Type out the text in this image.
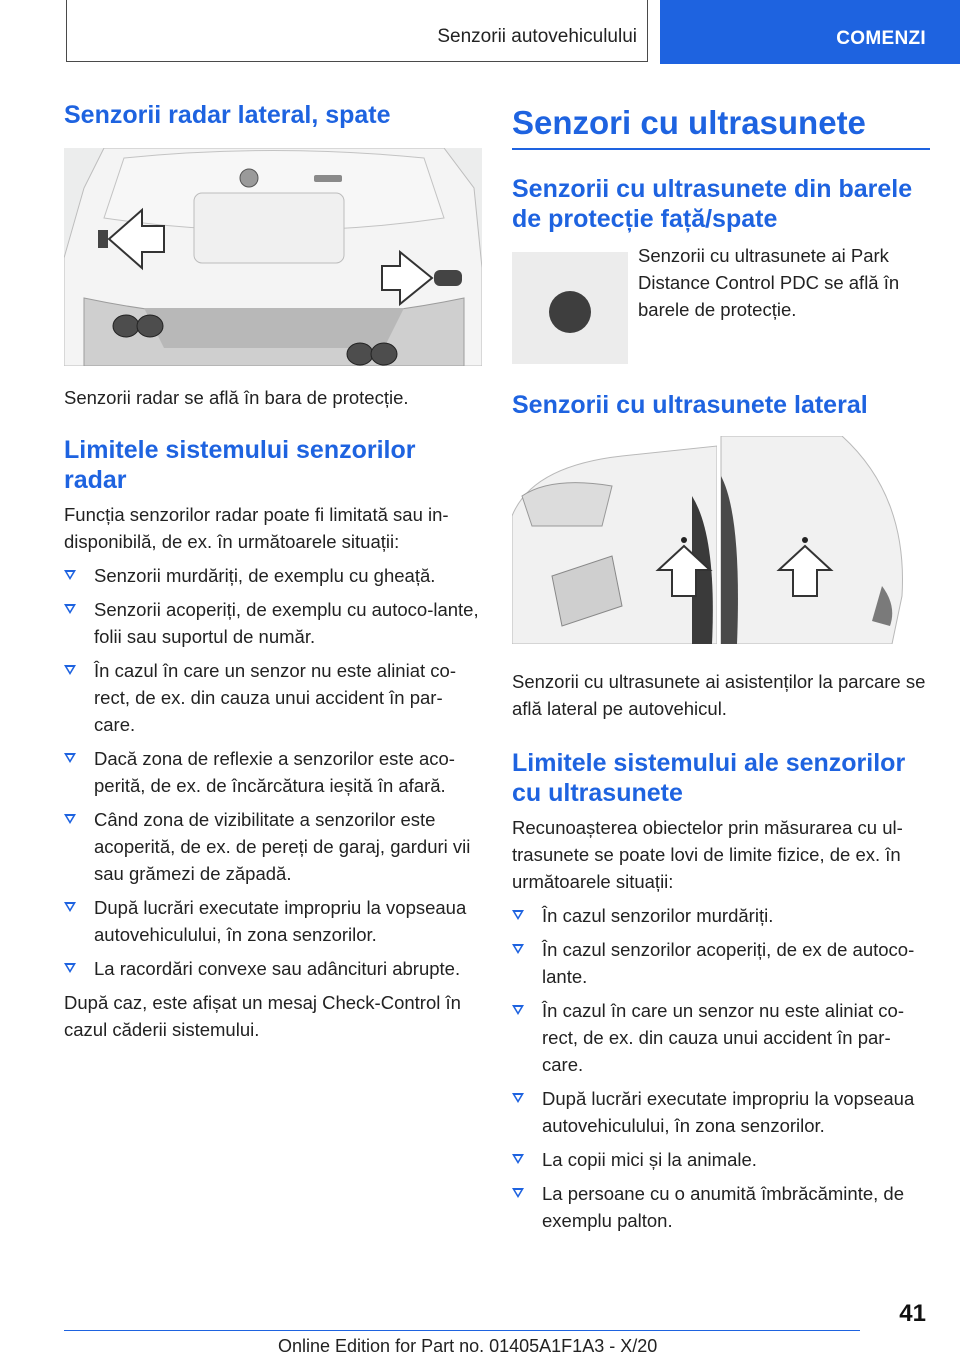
Senzorii autovehiculului	COMENZI
Senzorii radar lateral, spate

Senzorii radar se află în bara de protecție.

Limitele sistemului senzorilor radar

Funcția senzorilor radar poate fi limitată sau in-disponibilă, de ex. în următoarele situații:

Senzorii murdăriți, de exemplu cu gheață.
Senzorii acoperiți, de exemplu cu autoco-lante, folii sau suportul de număr.
În cazul în care un senzor nu este aliniat co-rect, de ex. din cauza unui accident în par-care.
Dacă zona de reflexie a senzorilor este aco-perită, de ex. de încărcătura ieșită în afară.
Când zona de vizibilitate a senzorilor este acoperită, de ex. de pereți de garaj, garduri vii sau grămezi de zăpadă.
După lucrări executate impropriu la vopseaua autovehiculului, în zona senzorilor.
La racordări convexe sau adâncituri abrupte.

După caz, este afișat un mesaj Check-Control în cazul căderii sistemului.

Senzori cu ultrasunete
Senzorii cu ultrasunete din barele de protecție față/spate

Senzorii cu ultrasunete ai Park Distance Control PDC se află în barele de protecție.

Senzorii cu ultrasunete lateral

Senzorii cu ultrasunete ai asistenților la parcare se află lateral pe autovehicul.

Limitele sistemului ale senzorilor cu ultrasunete

Recunoașterea obiectelor prin măsurarea cu ul-trasunete se poate lovi de limite fizice, de ex. în următoarele situații:

În cazul senzorilor murdăriți.
În cazul senzorilor acoperiți, de ex de autoco-lante.
În cazul în care un senzor nu este aliniat co-rect, de ex. din cauza unui accident în par-care.
După lucrări executate impropriu la vopseaua autovehiculului, în zona senzorilor.
La copii mici și la animale.
La persoane cu o anumită îmbrăcăminte, de exemplu palton.
41
Online Edition for Part no. 01405A1F1A3 - X/20
